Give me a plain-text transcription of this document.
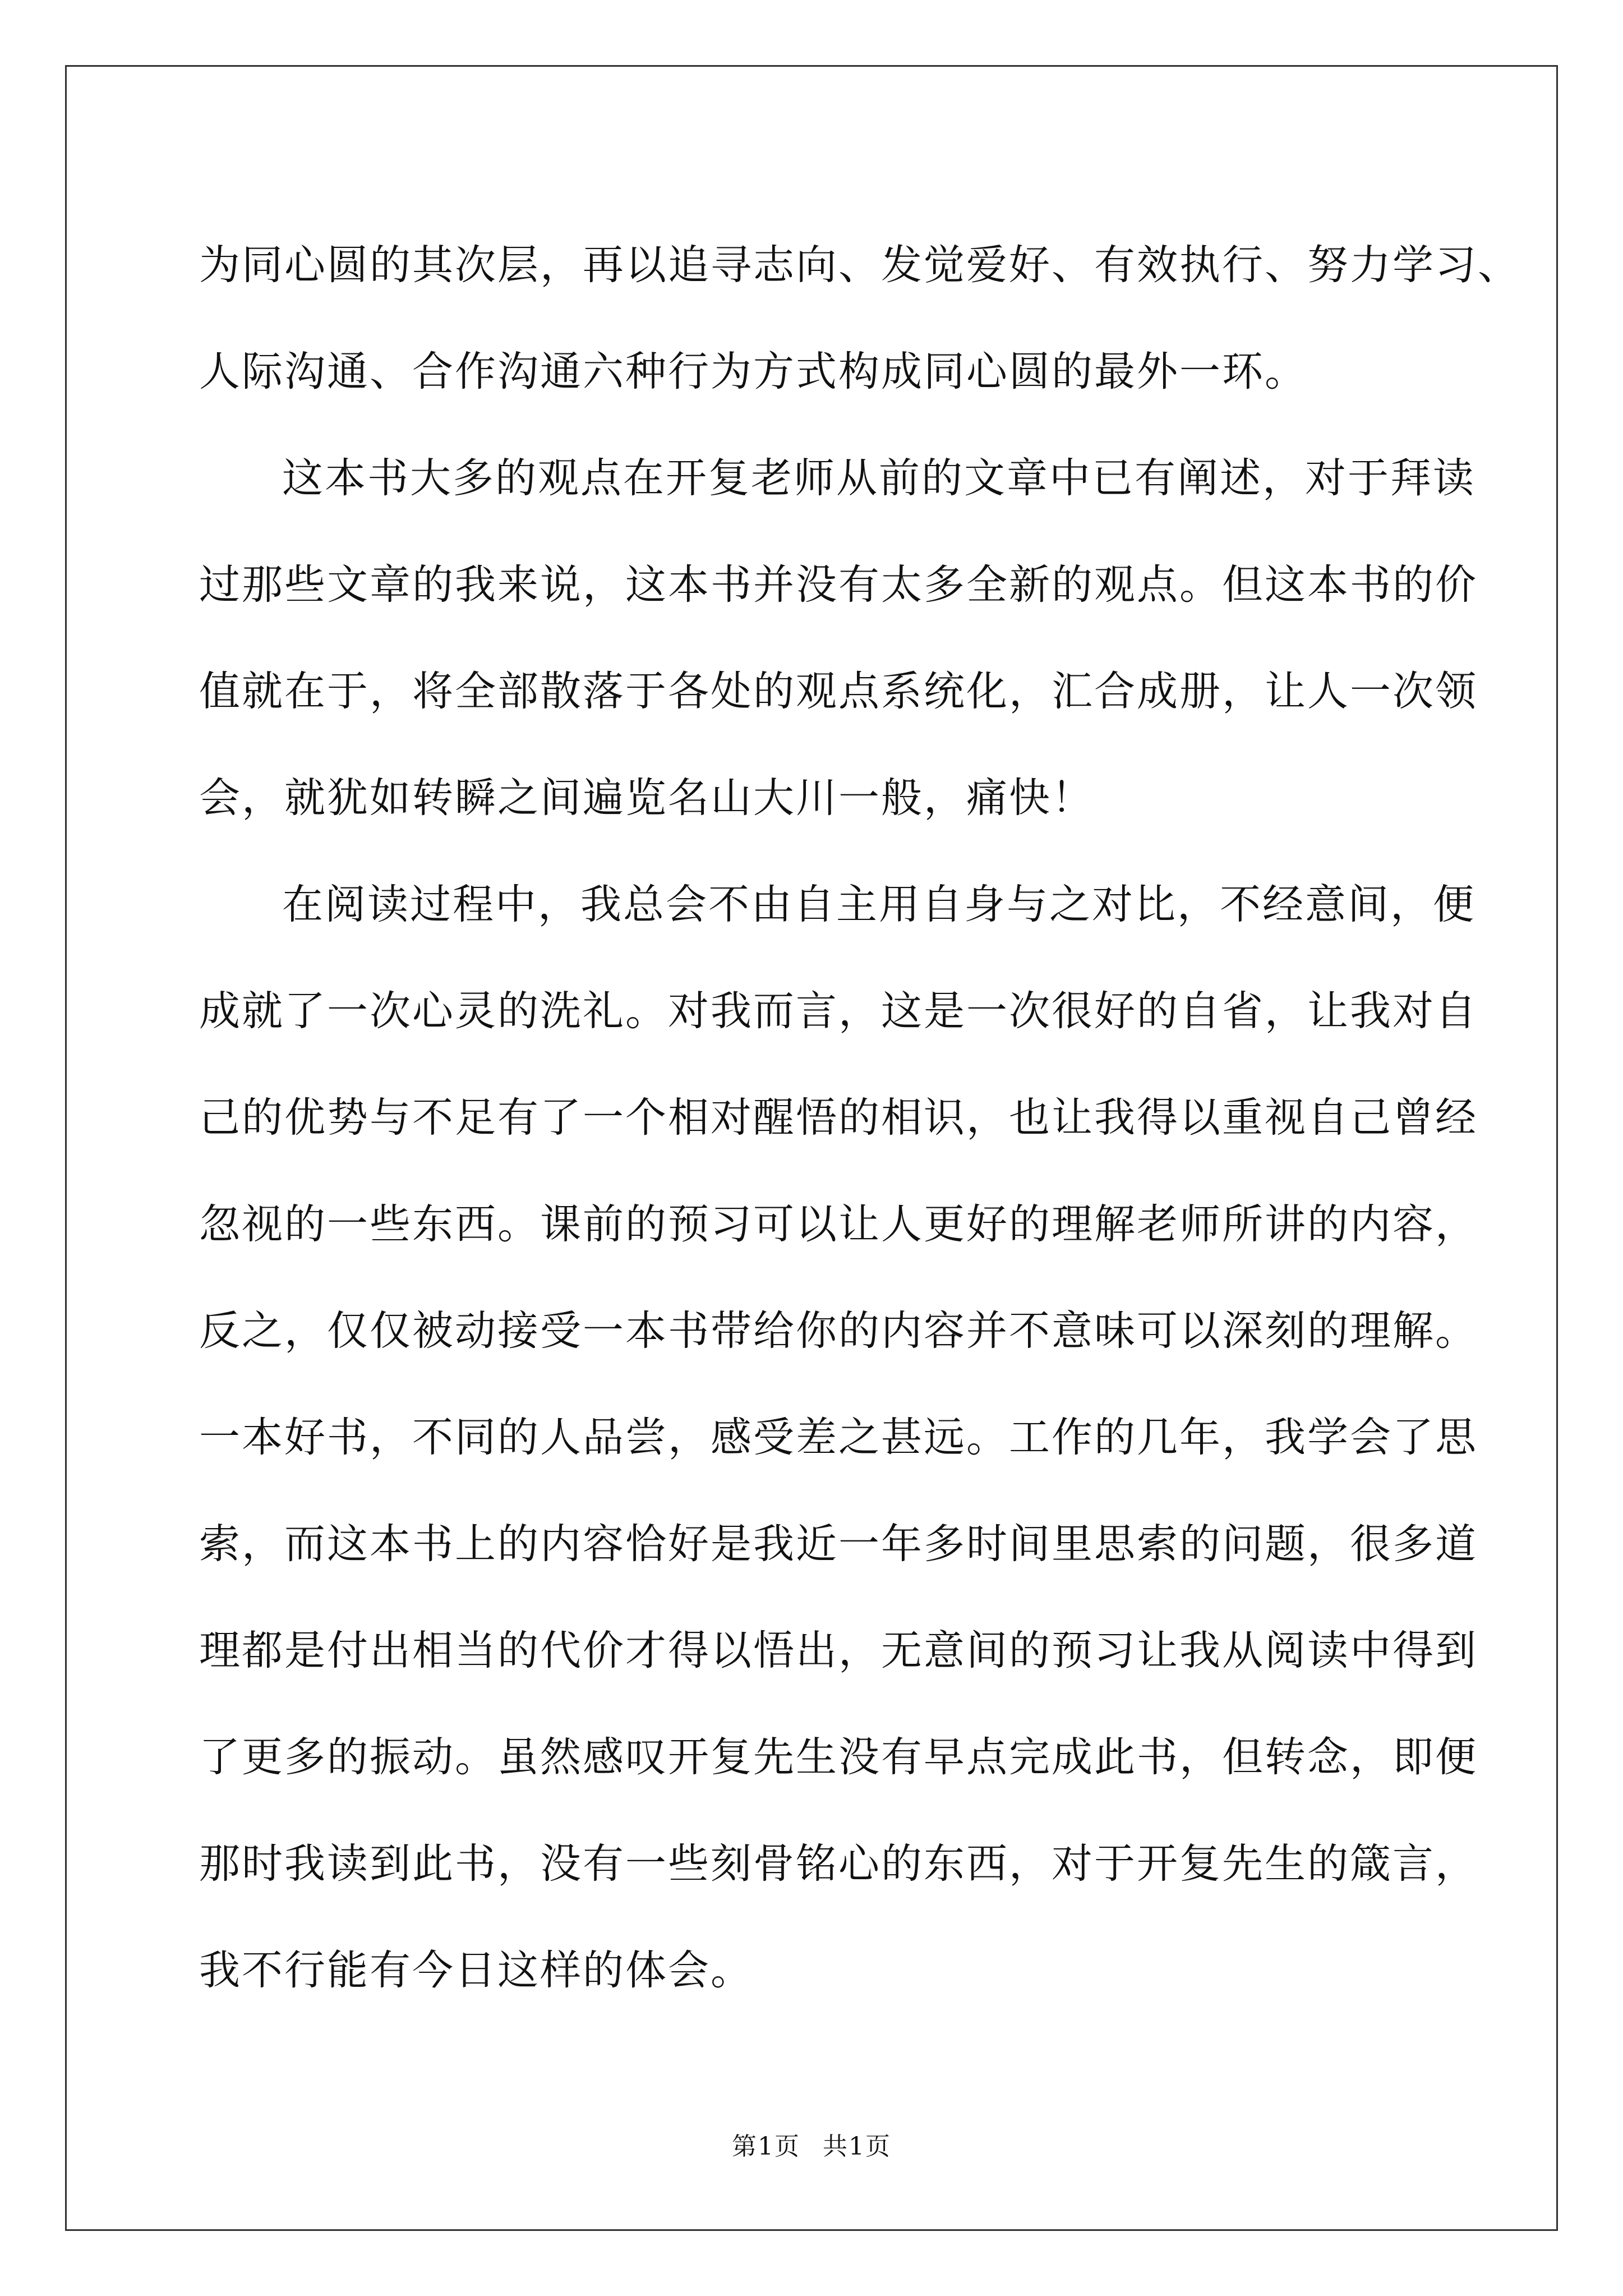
为同心圆的其次层，再以追寻志向、发觉爱好、有效执行、努力学习、
人际沟通、合作沟通六种行为方式构成同心圆的最外一环。
这本书大多的观点在开复老师从前的文章中已有阐述，对于拜读
过那些文章的我来说，这本书并没有太多全新的观点。但这本书的价
值就在于，将全部散落于各处的观点系统化，汇合成册，让人一次领
会，就犹如转瞬之间遍览名山大川一般，痛快！
在阅读过程中，我总会不由自主用自身与之对比，不经意间，便
成就了一次心灵的洗礼。对我而言，这是一次很好的自省，让我对自
己的优势与不足有了一个相对醒悟的相识，也让我得以重视自己曾经
忽视的一些东西。课前的预习可以让人更好的理解老师所讲的内容，
反之，仅仅被动接受一本书带给你的内容并不意味可以深刻的理解。
一本好书，不同的人品尝，感受差之甚远。工作的几年，我学会了思
索，而这本书上的内容恰好是我近一年多时间里思索的问题，很多道
理都是付出相当的代价才得以悟出，无意间的预习让我从阅读中得到
了更多的振动。虽然感叹开复先生没有早点完成此书，但转念，即便
那时我读到此书，没有一些刻骨铭心的东西，对于开复先生的箴言，
我不行能有今日这样的体会。
第1页 共1页
